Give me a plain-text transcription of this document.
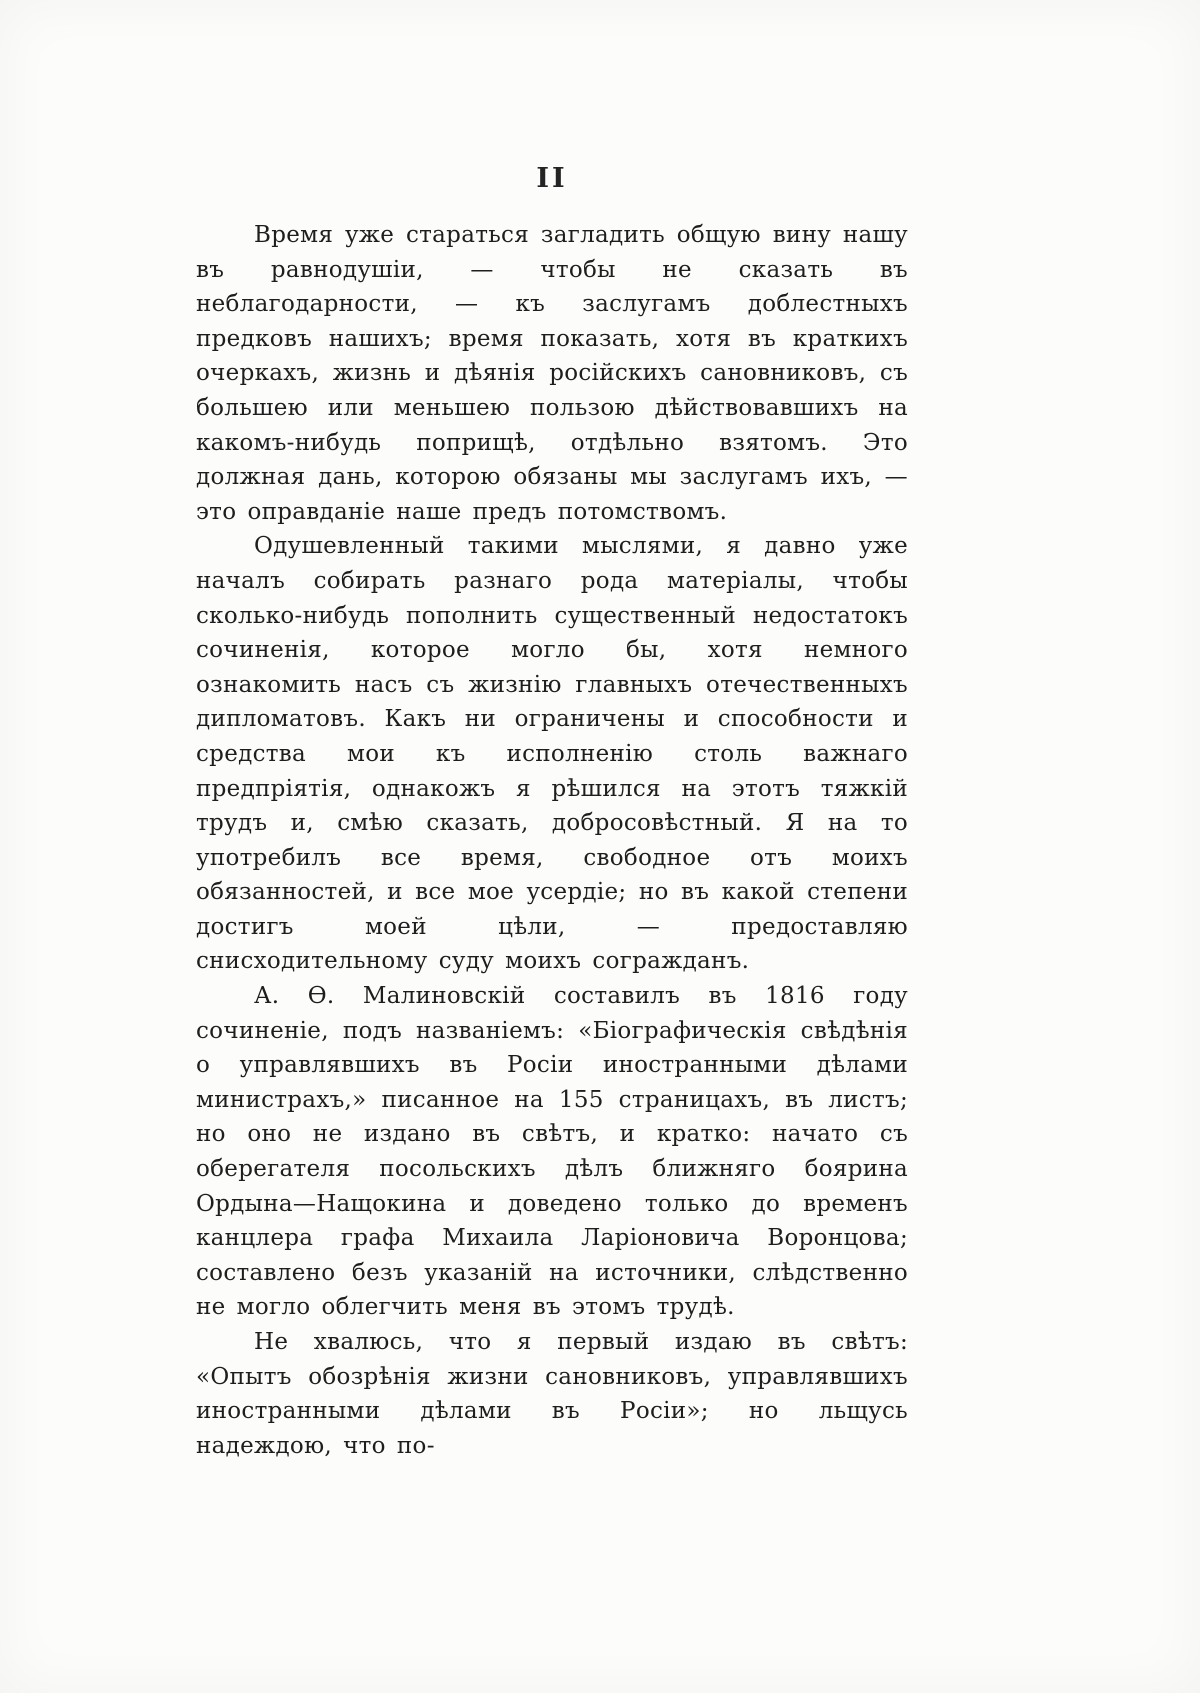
II

Время уже стараться загладить общую вину нашу въ равнодушіи, — чтобы не сказать въ неблагодарности, — къ заслугамъ доблестныхъ предковъ нашихъ; время показать, хотя въ краткихъ очеркахъ, жизнь и дѣянія російскихъ сановниковъ, съ большею или меньшею пользою дѣйствовавшихъ на какомъ-нибудь поприщѣ, отдѣльно взятомъ. Это должная дань, которою обязаны мы заслугамъ ихъ, — это оправданіе наше предъ потомствомъ.

Одушевленный такими мыслями, я давно уже началъ собирать разнаго рода матеріалы, чтобы сколько-нибудь пополнить существенный недостатокъ сочиненія, которое могло бы, хотя немного ознакомить насъ съ жизнію главныхъ отечественныхъ дипломатовъ. Какъ ни ограничены и способности и средства мои къ исполненію столь важнаго предпріятія, однакожъ я рѣшился на этотъ тяжкій трудъ и, смѣю сказать, добросовѣстный. Я на то употребилъ все время, свободное отъ моихъ обязанностей, и все мое усердіе; но въ какой степени достигъ моей цѣли, — предоставляю снисходительному суду моихъ согражданъ.

А. Ѳ. Малиновскій составилъ въ 1816 году сочиненіе, подъ названіемъ: «Біографическія свѣдѣнія о управлявшихъ въ Росіи иностранными дѣлами министрахъ,» писанное на 155 страницахъ, въ листъ; но оно не издано въ свѣтъ, и кратко: начато съ оберегателя посольскихъ дѣлъ ближняго боярина Ордына—Нащокина и доведено только до временъ канцлера графа Михаила Ларіоновича Воронцова; составлено безъ указаній на источники, слѣдственно не могло облегчить меня въ этомъ трудѣ.

Не хвалюсь, что я первый издаю въ свѣтъ: «Опытъ обозрѣнія жизни сановниковъ, управлявшихъ иностранными дѣлами въ Росіи»; но льщусь надеждою, что по-
